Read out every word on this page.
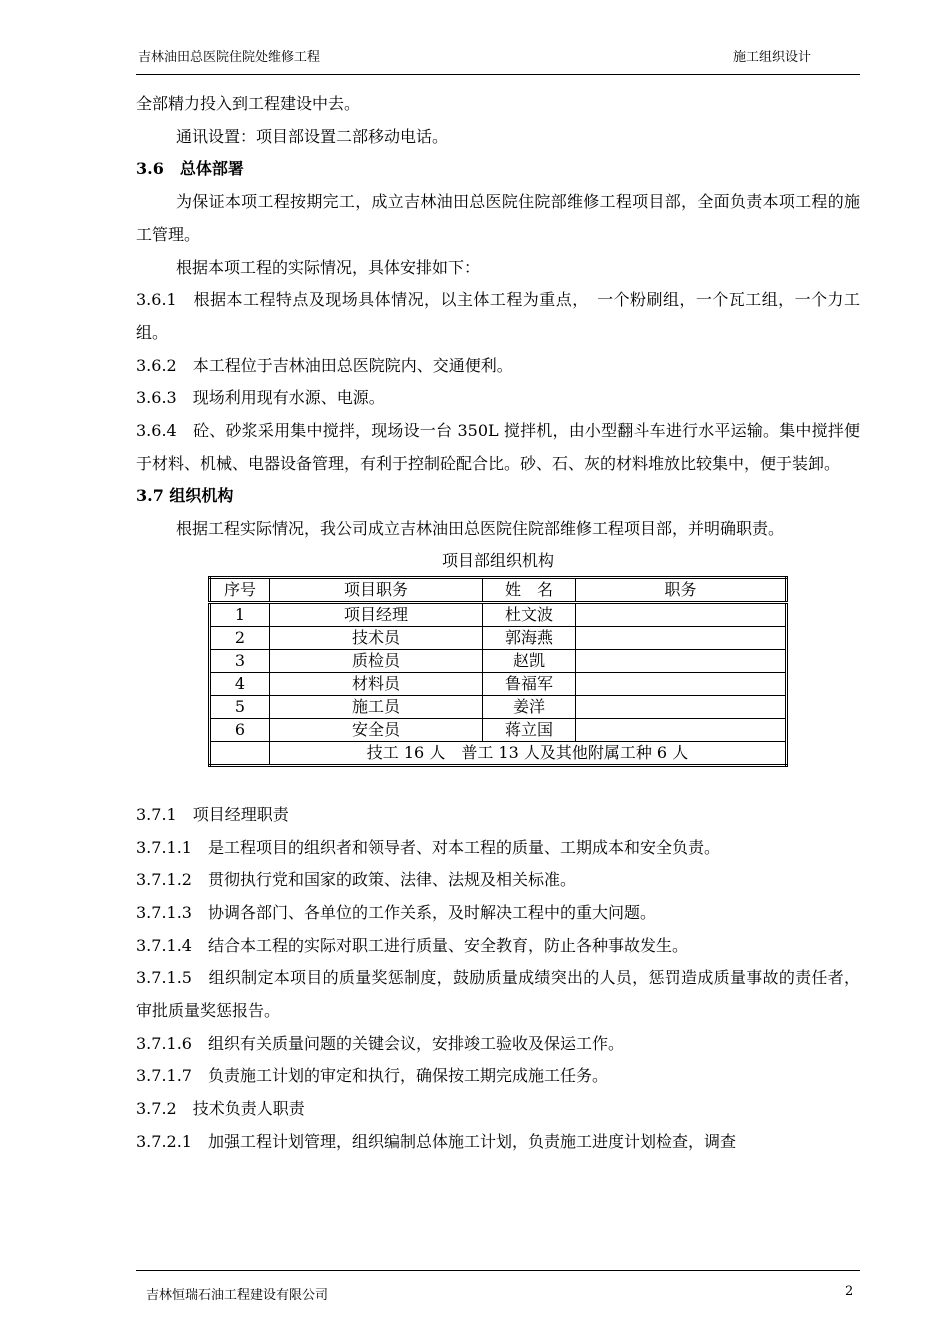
吉林油田总医院住院处维修工程	施工组织设计

全部精力投入到工程建设中去。

通讯设置：项目部设置二部移动电话。

3.6　总体部署

为保证本项工程按期完工，成立吉林油田总医院住院部维修工程项目部，全面负责本项工程的施工管理。

根据本项工程的实际情况，具体安排如下：

3.6.1　根据本工程特点及现场具体情况，以主体工程为重点，　一个粉刷组，一个瓦工组，一个力工组。

3.6.2　本工程位于吉林油田总医院院内、交通便利。

3.6.3　现场利用现有水源、电源。

3.6.4　砼、砂浆采用集中搅拌，现场设一台 350L 搅拌机，由小型翻斗车进行水平运输。集中搅拌便于材料、机械、电器设备管理，有利于控制砼配合比。砂、石、灰的材料堆放比较集中，便于装卸。

3.7 组织机构

根据工程实际情况，我公司成立吉林油田总医院住院部维修工程项目部，并明确职责。

项目部组织机构

序号	项目职务	姓　名	职务
1	项目经理	杜文波	
2	技术员	郭海燕	
3	质检员	赵凯	
4	材料员	鲁福军	
5	施工员	姜洋	
6	安全员	蒋立国	
	技工 16 人　普工 13 人及其他附属工种 6 人		

3.7.1　项目经理职责

3.7.1.1　是工程项目的组织者和领导者、对本工程的质量、工期成本和安全负责。

3.7.1.2　贯彻执行党和国家的政策、法律、法规及相关标准。

3.7.1.3　协调各部门、各单位的工作关系，及时解决工程中的重大问题。

3.7.1.4　结合本工程的实际对职工进行质量、安全教育，防止各种事故发生。

3.7.1.5　组织制定本项目的质量奖惩制度，鼓励质量成绩突出的人员，惩罚造成质量事故的责任者，审批质量奖惩报告。

3.7.1.6　组织有关质量问题的关键会议，安排竣工验收及保运工作。

3.7.1.7　负责施工计划的审定和执行，确保按工期完成施工任务。

3.7.2　技术负责人职责

3.7.2.1　加强工程计划管理，组织编制总体施工计划，负责施工进度计划检查，调查

吉林恒瑞石油工程建设有限公司	2
